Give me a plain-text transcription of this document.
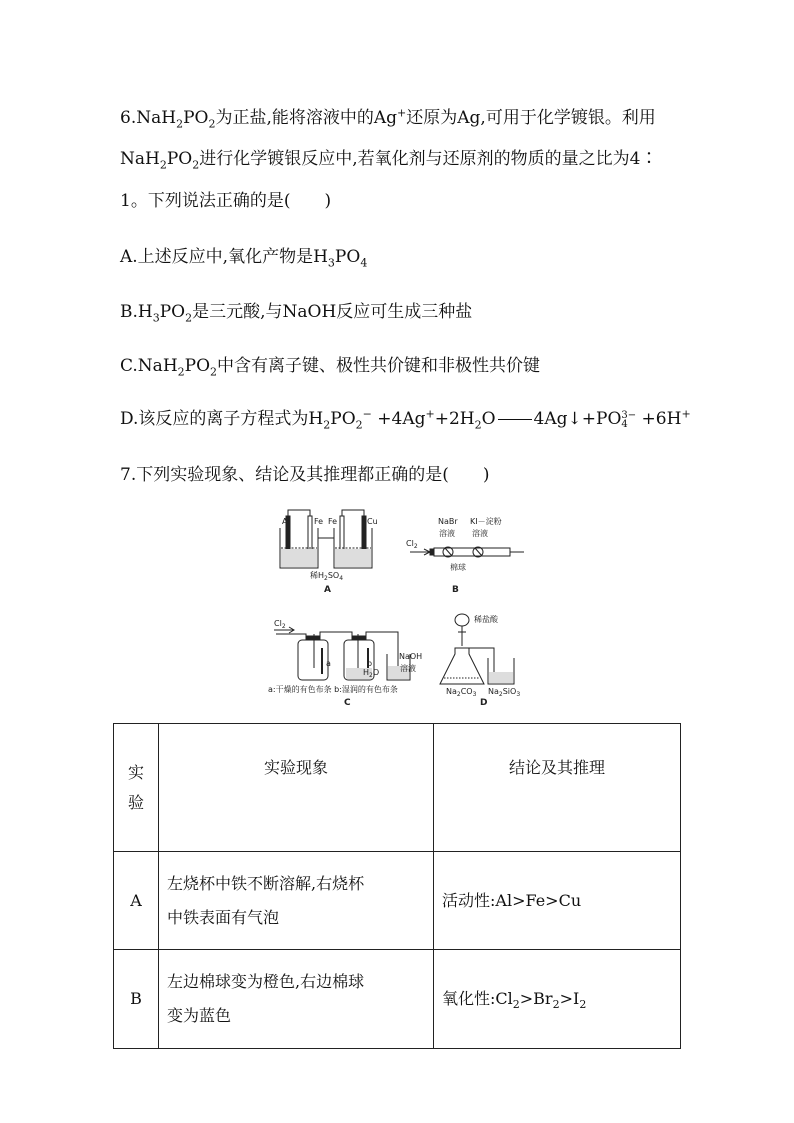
$6.NaH_2PO_2$为正盐,能将溶液中的Ag+还原为Ag,可用于化学镀银。利用
$NaH_2PO_2$进行化学镀银反应中,若氧化剂与还原剂的物质的量之比为4∶
1。下列说法正确的是(　　)
A.上述反应中,氧化产物是$H_3PO_4$
$B.H_3PO_2$是三元酸,与NaOH反应可生成三种盐
$C.NaH_2PO_2$中含有离子键、极性共价键和非极性共价键
D.该反应的离子方程式为$H_2PO_2^- +4Ag^++2H_2O$ 4Ag↓+PO 3−
4 +6H+
7.下列实验现象、结论及其推理都正确的是(　　)
Al	Fe Fe	Cu
稀$H_2SO_4$
A
NaBr
溶液
KI－淀粉
溶液
$Cl_2$
棉球
B
$Cl_2$
a	b
$H_2O$
NaOH
溶液
a:干燥的有色布条 b:湿润的有色布条
C
稀盐酸
$Na_2CO_3$ $Na_2SiO_3$
D
实
验	实验现象	结论及其推理
A	左烧杯中铁不断溶解,右烧杯
中铁表面有气泡	活动性:Al>Fe>Cu
B	左边棉球变为橙色,右边棉球
变为蓝色	氧化性$:Cl_2>Br_2>I_2$
